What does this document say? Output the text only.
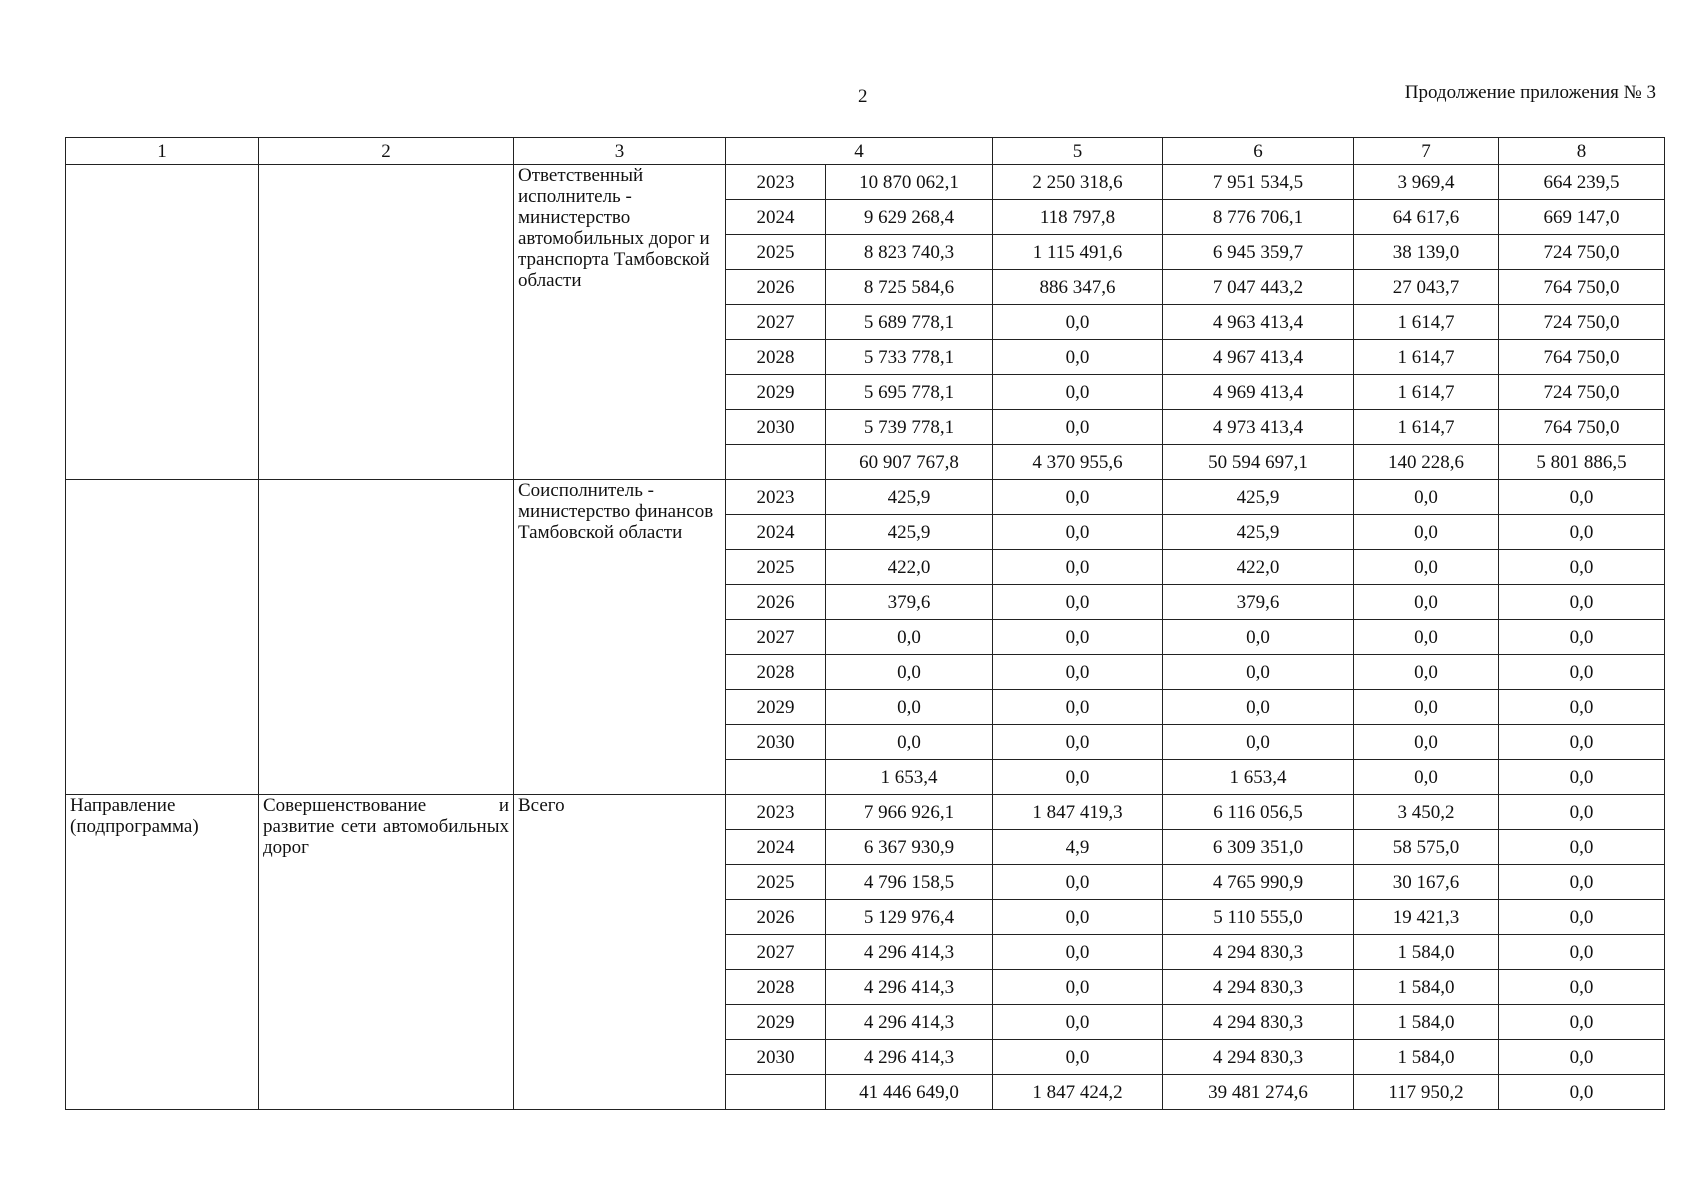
2	Продолжение приложения № 3
1	2	3	4		5	6	7	8

		Ответственный исполнитель - министерство автомобильных дорог и транспорта Тамбовской области	2023	10 870 062,1	2 250 318,6	7 951 534,5	3 969,4	664 239,5
			2024	9 629 268,4	118 797,8	8 776 706,1	64 617,6	669 147,0
			2025	8 823 740,3	1 115 491,6	6 945 359,7	38 139,0	724 750,0
			2026	8 725 584,6	886 347,6	7 047 443,2	27 043,7	764 750,0
			2027	5 689 778,1	0,0	4 963 413,4	1 614,7	724 750,0
			2028	5 733 778,1	0,0	4 967 413,4	1 614,7	764 750,0
			2029	5 695 778,1	0,0	4 969 413,4	1 614,7	724 750,0
			2030	5 739 778,1	0,0	4 973 413,4	1 614,7	764 750,0
				60 907 767,8	4 370 955,6	50 594 697,1	140 228,6	5 801 886,5

		Соисполнитель - министерство финансов Тамбовской области	2023	425,9	0,0	425,9	0,0	0,0
			2024	425,9	0,0	425,9	0,0	0,0
			2025	422,0	0,0	422,0	0,0	0,0
			2026	379,6	0,0	379,6	0,0	0,0
			2027	0,0	0,0	0,0	0,0	0,0
			2028	0,0	0,0	0,0	0,0	0,0
			2029	0,0	0,0	0,0	0,0	0,0
			2030	0,0	0,0	0,0	0,0	0,0
				1 653,4	0,0	1 653,4	0,0	0,0

Направление (подпрограмма)	Совершенствование и развитие сети автомобильных дорог	Всего	2023	7 966 926,1	1 847 419,3	6 116 056,5	3 450,2	0,0
			2024	6 367 930,9	4,9	6 309 351,0	58 575,0	0,0
			2025	4 796 158,5	0,0	4 765 990,9	30 167,6	0,0
			2026	5 129 976,4	0,0	5 110 555,0	19 421,3	0,0
			2027	4 296 414,3	0,0	4 294 830,3	1 584,0	0,0
			2028	4 296 414,3	0,0	4 294 830,3	1 584,0	0,0
			2029	4 296 414,3	0,0	4 294 830,3	1 584,0	0,0
			2030	4 296 414,3	0,0	4 294 830,3	1 584,0	0,0
				41 446 649,0	1 847 424,2	39 481 274,6	117 950,2	0,0
